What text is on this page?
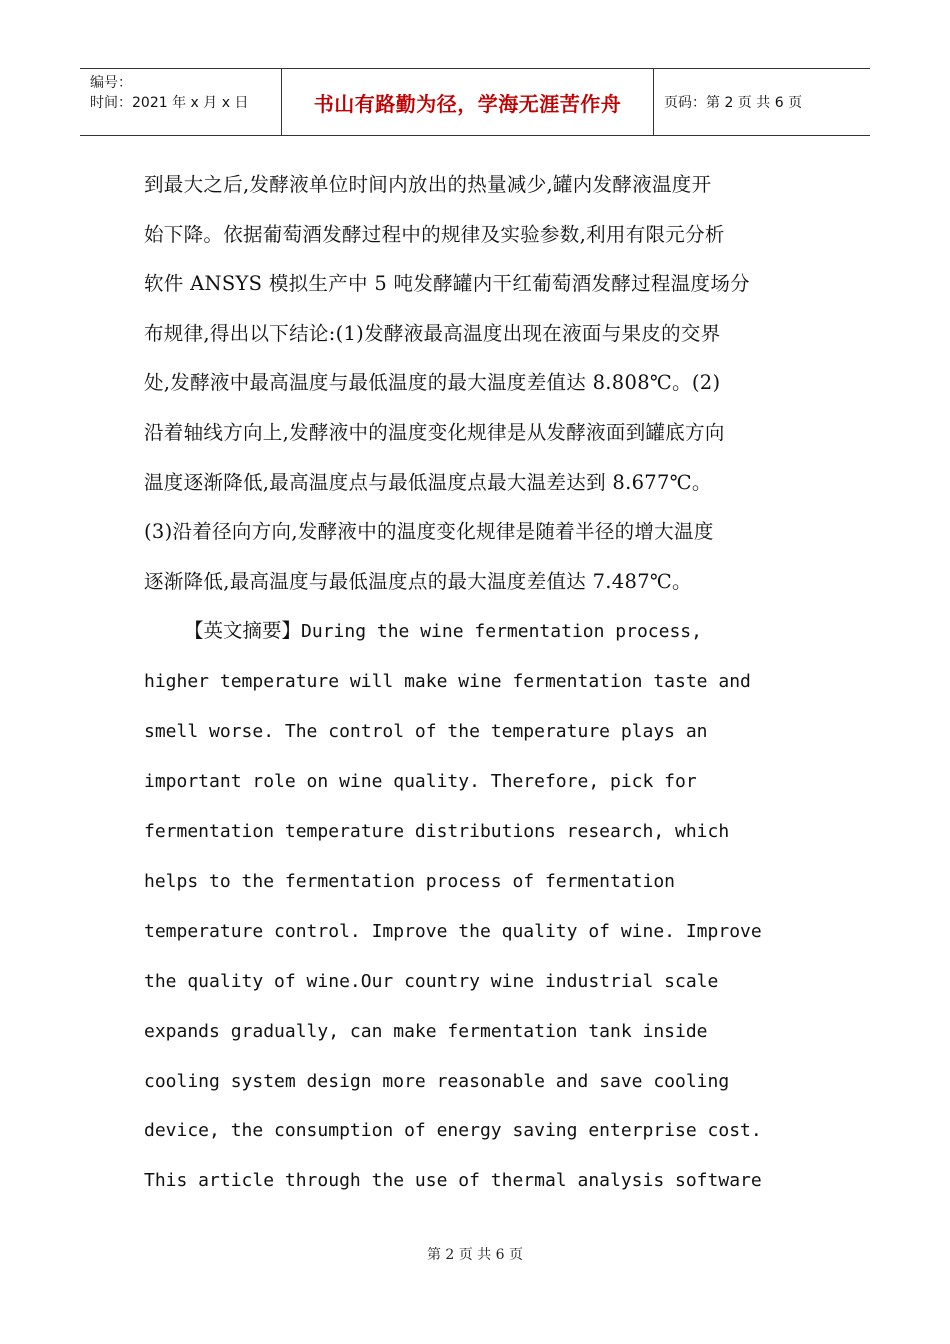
编号：
时间：2021 年 x 月 x 日	书山有路勤为径，学海无涯苦作舟	页码：第 2 页 共 6 页

到最大之后,发酵液单位时间内放出的热量减少,罐内发酵液温度开

始下降。依据葡萄酒发酵过程中的规律及实验参数,利用有限元分析

软件 ANSYS 模拟生产中 5 吨发酵罐内干红葡萄酒发酵过程温度场分

布规律,得出以下结论:(1)发酵液最高温度出现在液面与果皮的交界

处,发酵液中最高温度与最低温度的最大温度差值达 8.808℃。(2)

沿着轴线方向上,发酵液中的温度变化规律是从发酵液面到罐底方向

温度逐渐降低,最高温度点与最低温度点最大温差达到 8.677℃。

(3)沿着径向方向,发酵液中的温度变化规律是随着半径的增大温度

逐渐降低,最高温度与最低温度点的最大温度差值达 7.487℃。

【英文摘要】During the wine fermentation process,

higher temperature will make wine fermentation taste and

smell worse. The control of the temperature plays an

important role on wine quality. Therefore, pick for

fermentation temperature distributions research, which

helps to the fermentation process of fermentation

temperature control. Improve the quality of wine. Improve

the quality of wine.Our country wine industrial scale

expands gradually, can make fermentation tank inside

cooling system design more reasonable and save cooling

device, the consumption of energy saving enterprise cost.

This article through the use of thermal analysis software

第 2 页 共 6 页
